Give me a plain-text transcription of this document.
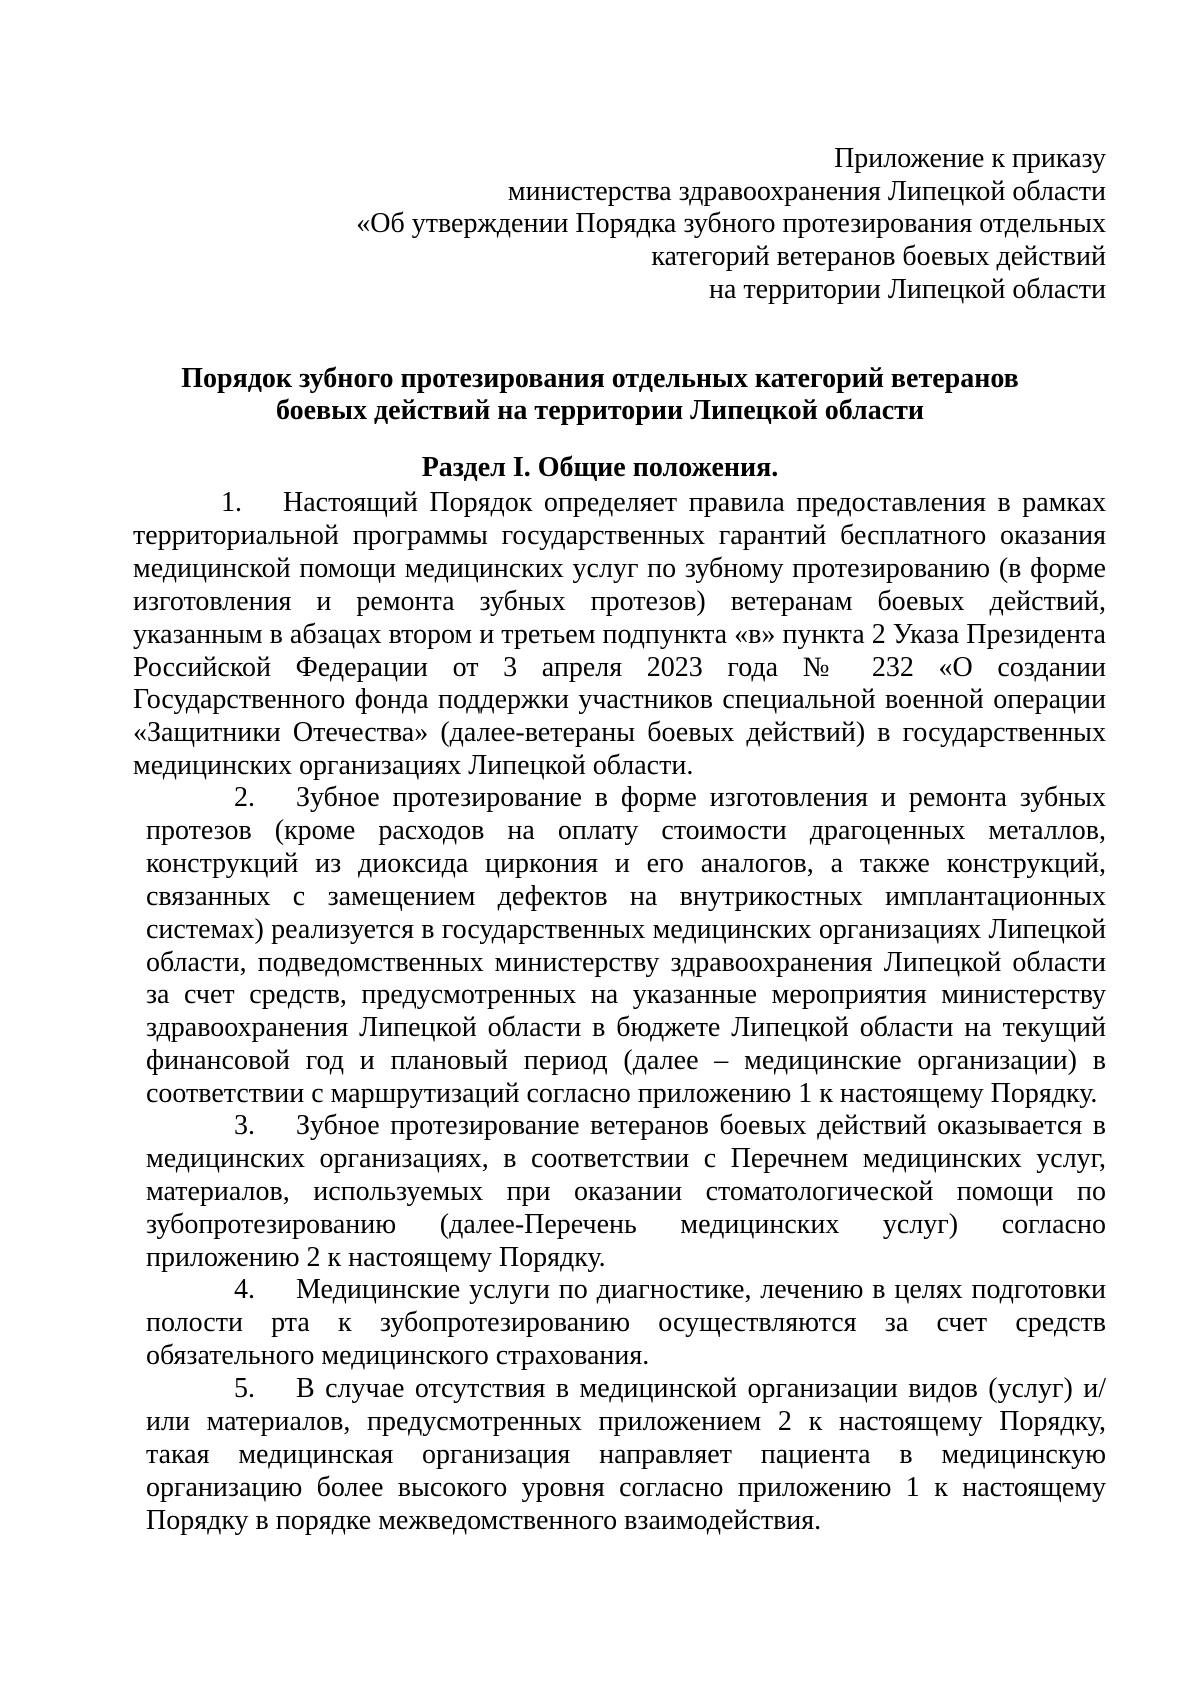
Приложение к приказу
министерства здравоохранения Липецкой области
«Об утверждении Порядка зубного протезирования отдельных
категорий ветеранов боевых действий
на территории Липецкой области
Порядок зубного протезирования отдельных категорий ветеранов
боевых действий на территории Липецкой области
Раздел I. Общие положения.
1. Настоящий Порядок определяет правила предоставления в рамках территориальной программы государственных гарантий бесплатного оказания медицинской помощи медицинских услуг по зубному протезированию (в форме изготовления и ремонта зубных протезов) ветеранам боевых действий, указанным в абзацах втором и третьем подпункта «в» пункта 2 Указа Президента Российской Федерации от 3 апреля 2023 года № 232 «О создании Государственного фонда поддержки участников специальной военной операции «Защитники Отечества» (далее-ветераны боевых действий) в государственных медицинских организациях Липецкой области.
2. Зубное протезирование в форме изготовления и ремонта зубных протезов (кроме расходов на оплату стоимости драгоценных металлов, конструкций из диоксида циркония и его аналогов, а также конструкций, связанных с замещением дефектов на внутрикостных имплантационных системах) реализуется в государственных медицинских организациях Липецкой области, подведомственных министерству здравоохранения Липецкой области за счет средств, предусмотренных на указанные мероприятия министерству здравоохранения Липецкой области в бюджете Липецкой области на текущий финансовой год и плановый период (далее – медицинские организации) в соответствии с маршрутизаций согласно приложению 1 к настоящему Порядку.
3. Зубное протезирование ветеранов боевых действий оказывается в медицинских организациях, в соответствии с Перечнем медицинских услуг, материалов, используемых при оказании стоматологической помощи по зубопротезированию (далее-Перечень медицинских услуг) согласно приложению 2 к настоящему Порядку.
4. Медицинские услуги по диагностике, лечению в целях подготовки полости рта к зубопротезированию осуществляются за счет средств обязательного медицинского страхования.
5. В случае отсутствия в медицинской организации видов (услуг) и/или материалов, предусмотренных приложением 2 к настоящему Порядку, такая медицинская организация направляет пациента в медицинскую организацию более высокого уровня согласно приложению 1 к настоящему Порядку в порядке межведомственного взаимодействия.
